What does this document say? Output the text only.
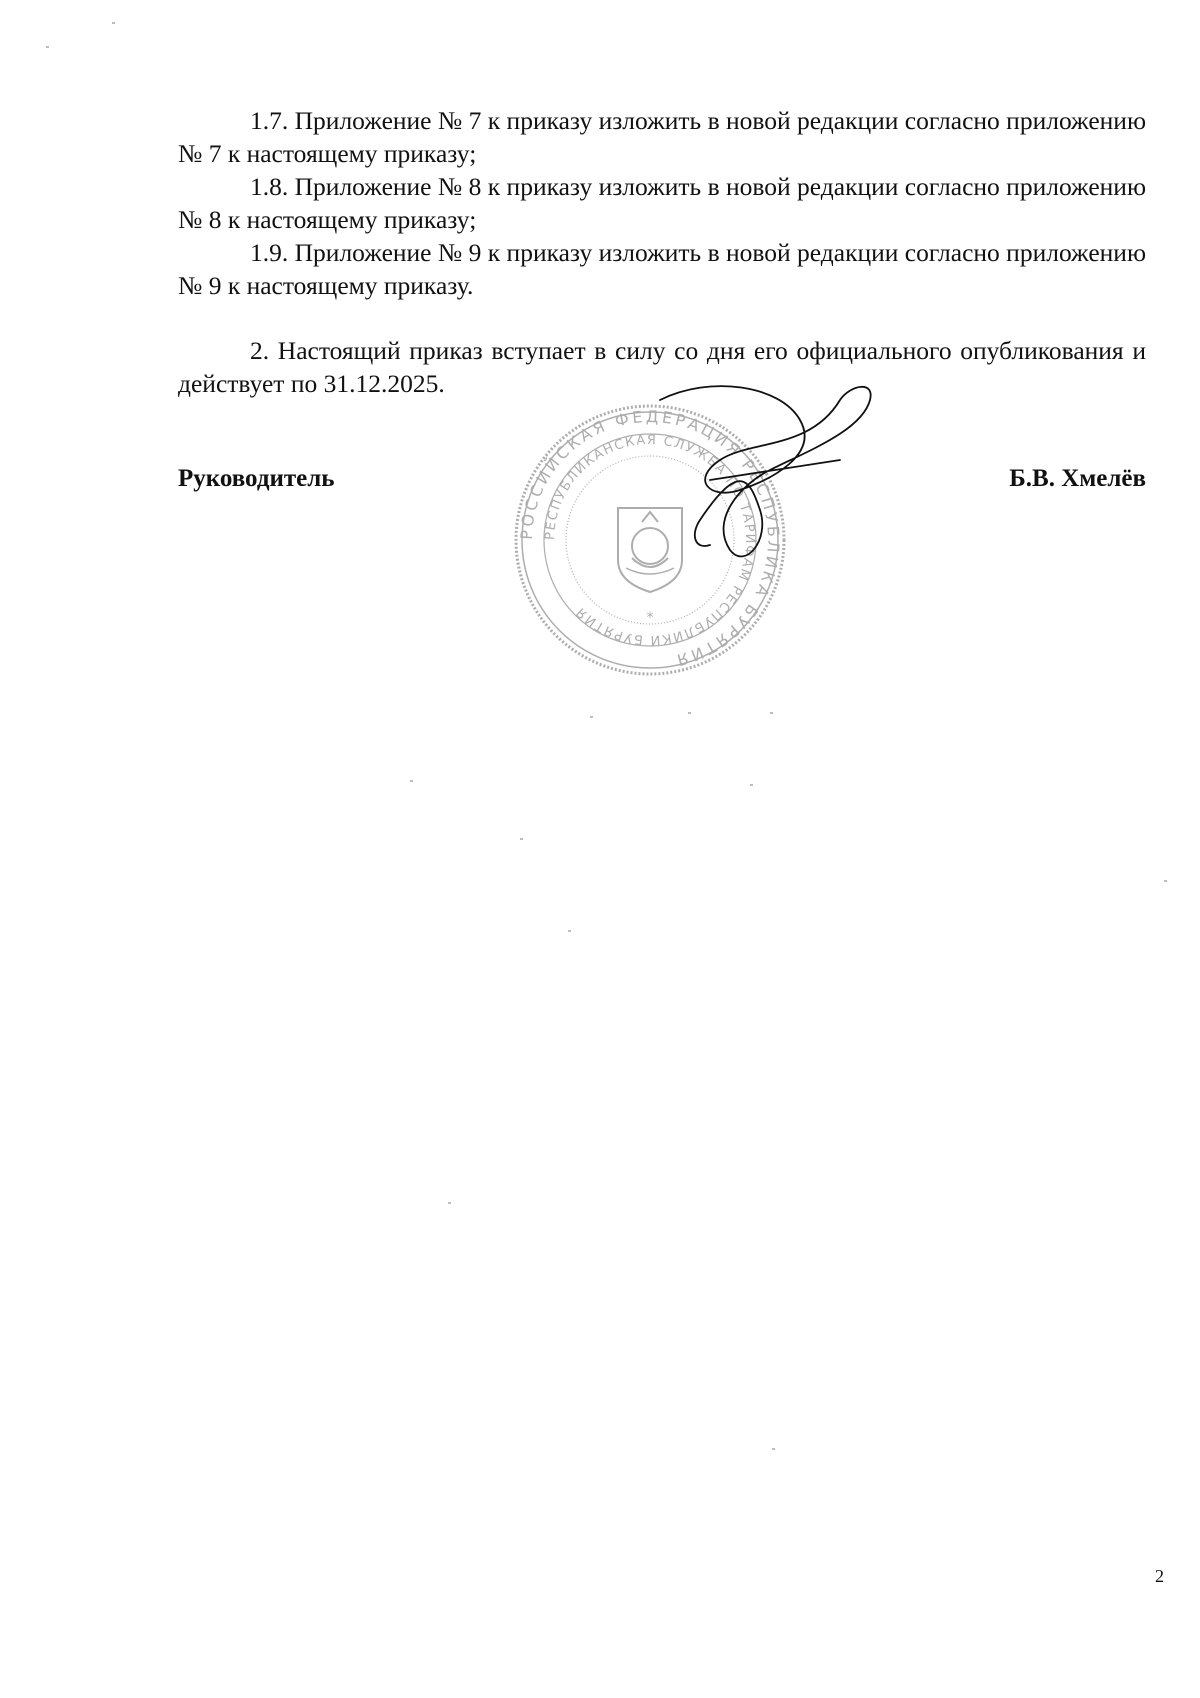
1.7. Приложение № 7 к приказу изложить в новой редакции согласно приложению № 7 к настоящему приказу;

1.8. Приложение № 8 к приказу изложить в новой редакции согласно приложению № 8 к настоящему приказу;

1.9. Приложение № 9 к приказу изложить в новой редакции согласно приложению № 9 к настоящему приказу.

2. Настоящий приказ вступает в силу со дня его официального опубликования и действует по 31.12.2025.

РОССИЙСКАЯ ФЕДЕРАЦИЯ РЕСПУБЛИКА БУРЯТИЯ
РЕСПУБЛИКАНСКАЯ СЛУЖБА ПО ТАРИФАМ РЕСПУБЛИКИ БУРЯТИЯ	*
Руководитель	Б.В. Хмелёв
2
